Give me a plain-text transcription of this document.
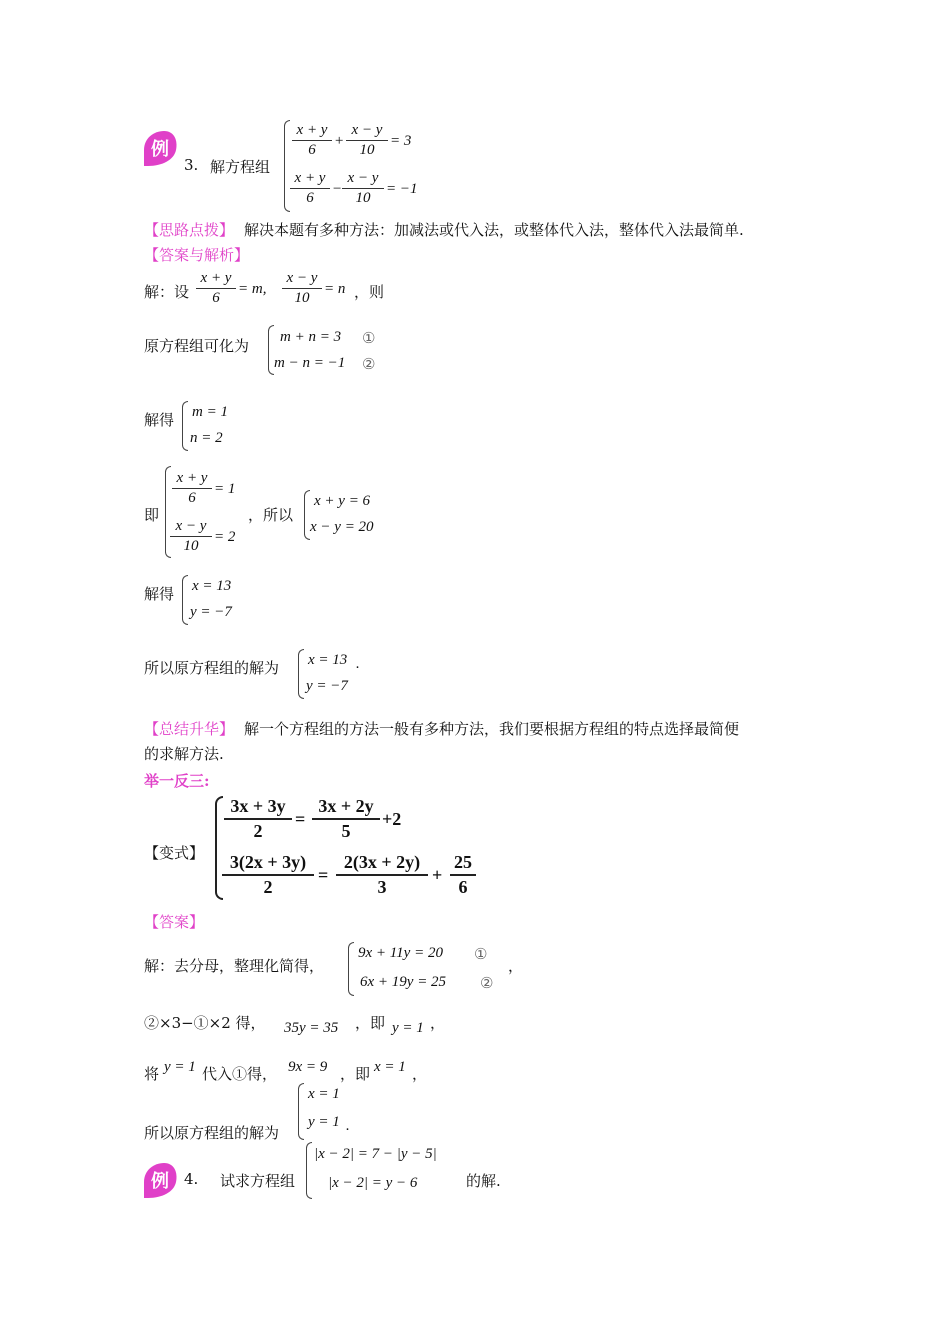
例
3. 解方程组
x + y
6
+
x − y
10
= 3
x + y
6
−
x − y
10
= −1
【思路点拨】 解决本题有多种方法：加减法或代入法，或整体代入法，整体代入法最简单.
【答案与解析】
解：设
x + y
6
= m,
x − y
10
= n ，则
原方程组可化为 m + n = 3 ①
m − n = −1 ②
解得 m = 1
n = 2
即
x + y
6
= 1
x − y
10
= 2
，所以
x + y = 6
x − y = 20
解得 x = 13
y = −7
所以原方程组的解为 x = 13 .
y = −7
【总结升华】 解一个方程组的方法一般有多种方法，我们要根据方程组的特点选择最简便
的求解方法.
举一反三:
【变式】
3x + 3y
2
=
3x + 2y
5
+2
3(2x + 3y)
2
=
2(3x + 2y)
3
+
25
6
【答案】
解：去分母，整理化简得，
9x + 11y = 20 ①
6x + 19y = 25 ②
，
②×3−①×2 得， 35y = 35 ， 即 y = 1 ，
将 y = 1 代入①得， 9x = 9 ，即 x = 1 ，
所以原方程组的解为
x = 1
y = 1 .
例 4. 试求方程组
|x − 2| = 7 − |y − 5|
|x − 2| = y − 6	的解.
